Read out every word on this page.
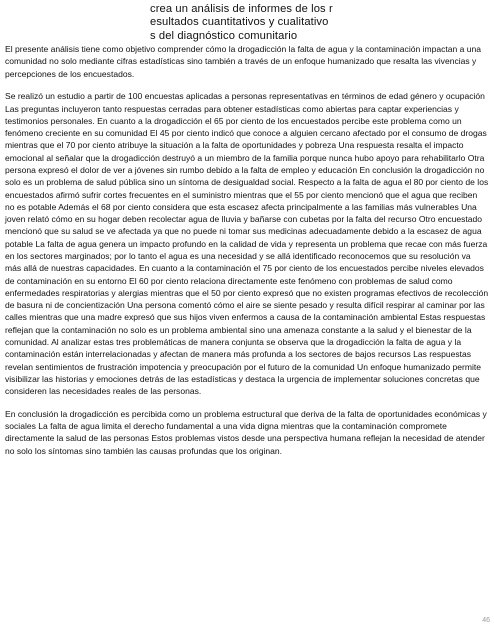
crea un análisis de informes de los r
esultados cuantitativos y cualitativo
s del diagnóstico comunitario

El presente análisis tiene como objetivo comprender cómo la drogadicción la falta de agua y la contaminación impactan a una comunidad no solo mediante cifras estadísticas sino también a través de un enfoque humanizado que resalta las vivencias y percepciones de los encuestados.

Se realizó un estudio a partir de 100 encuestas aplicadas a personas representativas en términos de edad género y ocupación Las preguntas incluyeron tanto respuestas cerradas para obtener estadísticas como abiertas para captar experiencias y testimonios personales. En cuanto a la drogadicción el 65 por ciento de los encuestados percibe este problema como un fenómeno creciente en su comunidad El 45 por ciento indicó que conoce a alguien cercano afectado por el consumo de drogas mientras que el 70 por ciento atribuye la situación a la falta de oportunidades y pobreza Una respuesta resalta el impacto emocional al señalar que la drogadicción destruyó a un miembro de la familia porque nunca hubo apoyo para rehabilitarlo Otra persona expresó el dolor de ver a jóvenes sin rumbo debido a la falta de empleo y educación En conclusión la drogadicción no solo es un problema de salud pública sino un síntoma de desigualdad social. Respecto a la falta de agua el 80 por ciento de los encuestados afirmó sufrir cortes frecuentes en el suministro mientras que el 55 por ciento mencionó que el agua que reciben no es potable Además el 68 por ciento considera que esta escasez afecta principalmente a las familias más vulnerables Una joven relató cómo en su hogar deben recolectar agua de lluvia y bañarse con cubetas por la falta del recurso Otro encuestado mencionó que su salud se ve afectada ya que no puede ni tomar sus medicinas adecuadamente debido a la escasez de agua potable La falta de agua genera un impacto profundo en la calidad de vida y representa un problema que recae con más fuerza en los sectores marginados; por lo tanto el agua es una necesidad y se allá identificado reconocemos que su resolución va más allá de nuestras capacidades. En cuanto a la contaminación el 75 por ciento de los encuestados percibe niveles elevados de contaminación en su entorno El 60 por ciento relaciona directamente este fenómeno con problemas de salud como enfermedades respiratorias y alergias mientras que el 50 por ciento expresó que no existen programas efectivos de recolección de basura ni de concientización Una persona comentó cómo el aire se siente pesado y resulta difícil respirar al caminar por las calles mientras que una madre expresó que sus hijos viven enfermos a causa de la contaminación ambiental Estas respuestas reflejan que la contaminación no solo es un problema ambiental sino una amenaza constante a la salud y el bienestar de la comunidad. Al analizar estas tres problemáticas de manera conjunta se observa que la drogadicción la falta de agua y la contaminación están interrelacionadas y afectan de manera más profunda a los sectores de bajos recursos Las respuestas revelan sentimientos de frustración impotencia y preocupación por el futuro de la comunidad Un enfoque humanizado permite visibilizar las historias y emociones detrás de las estadísticas y destaca la urgencia de implementar soluciones concretas que consideren las necesidades reales de las personas.

En conclusión la drogadicción es percibida como un problema estructural que deriva de la falta de oportunidades económicas y sociales La falta de agua limita el derecho fundamental a una vida digna mientras que la contaminación compromete directamente la salud de las personas Estos problemas vistos desde una perspectiva humana reflejan la necesidad de atender no solo los síntomas sino también las causas profundas que los originan.

46
